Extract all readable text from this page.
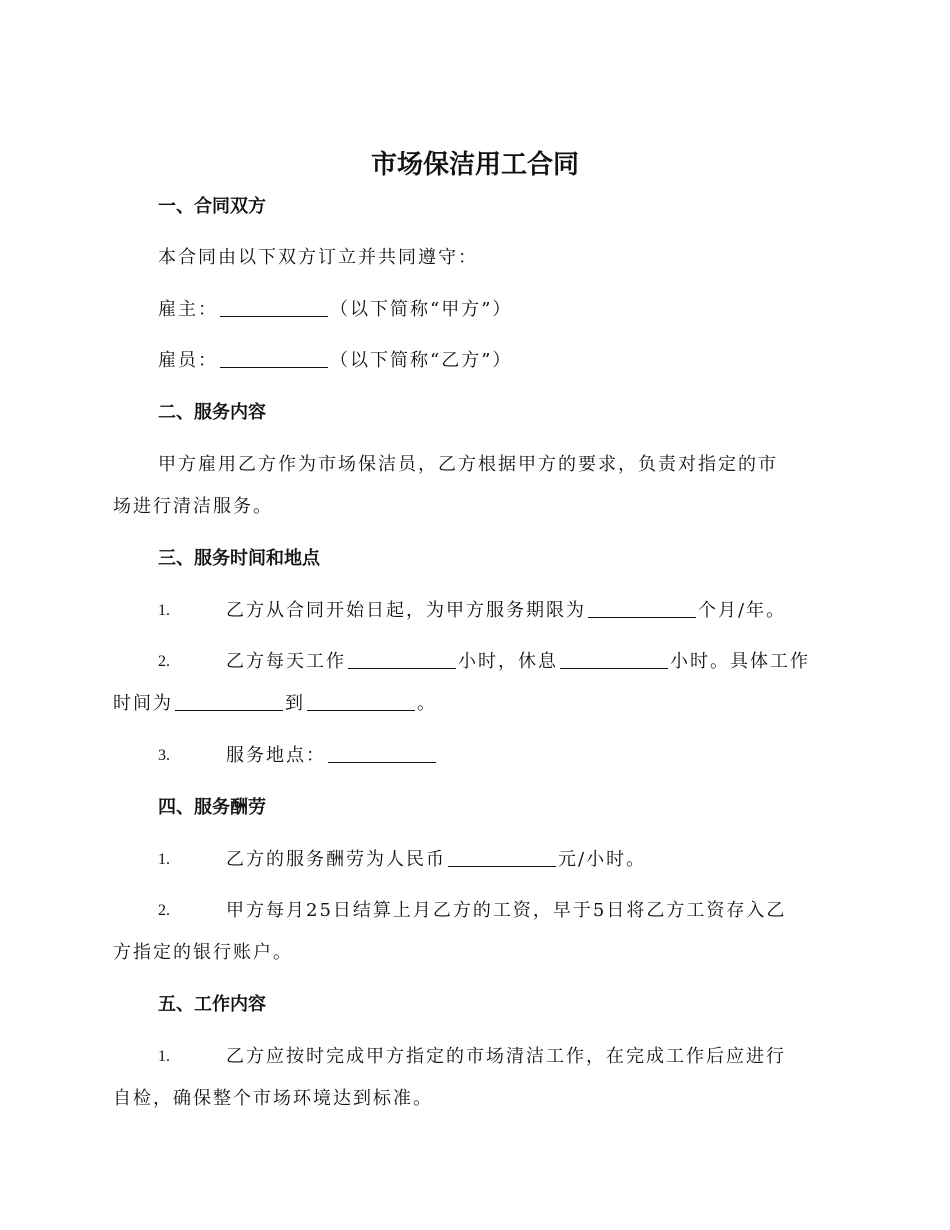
市场保洁用工合同
一、合同双方
本合同由以下双方订立并共同遵守：
雇主：	（以下简称“甲方”）
雇员：	（以下简称“乙方”）
二、服务内容
甲方雇用乙方作为市场保洁员，乙方根据甲方的要求，负责对指定的市
场进行清洁服务。
三、服务时间和地点
1.	乙方从合同开始日起，为甲方服务期限为	个月/年。
2.	乙方每天工作	小时，休息	小时。具体工作
时间为	到	。
3.	服务地点：
四、服务酬劳
1.	乙方的服务酬劳为人民币	元/小时。
2.	甲方每月25日结算上月乙方的工资，早于5日将乙方工资存入乙
方指定的银行账户。
五、工作内容
1.	乙方应按时完成甲方指定的市场清洁工作，在完成工作后应进行
自检，确保整个市场环境达到标准。
